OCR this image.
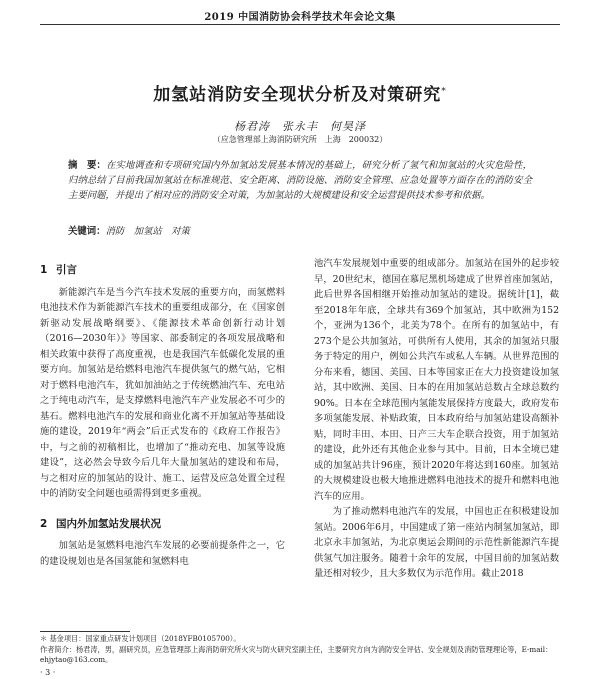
2019 中国消防协会科学技术年会论文集
加氢站消防安全现状分析及对策研究*
杨君涛　张永丰　何昊泽
（应急管理部上海消防研究所　上海　200032）
摘　要：在实地调查和专项研究国内外加氢站发展基本情况的基础上，研究分析了氢气和加氢站的火灾危险性，归纳总结了目前我国加氢站在标准规范、安全距离、消防设施、消防安全管理、应急处置等方面存在的消防安全主要问题，并提出了相对应的消防安全对策，为加氢站的大规模建设和安全运营提供技术参考和依据。
关键词：消防　加氢站　对策
1 引言

新能源汽车是当今汽车技术发展的重要方向，而氢燃料电池技术作为新能源汽车技术的重要组成部分，在《国家创新驱动发展战略纲要》、《能源技术革命创新行动计划（2016—2030年）》等国家、部委制定的各项发展战略和相关政策中获得了高度重视，也是我国汽车低碳化发展的重要方向。加氢站是给燃料电池汽车提供氢气的燃气站，它相对于燃料电池汽车，犹如加油站之于传统燃油汽车、充电站之于纯电动汽车，是支撑燃料电池汽车产业发展必不可少的基石。燃料电池汽车的发展和商业化离不开加氢站等基础设施的建设，2019年“两会”后正式发布的《政府工作报告》中，与之前的初稿相比，也增加了“推动充电、加氢等设施建设”，这必然会导致今后几年大量加氢站的建设和布局，与之相对应的加氢站的设计、施工、运营及应急处置全过程中的消防安全问题也亟需得到更多重视。

2 国内外加氢站发展状况

加氢站是氢燃料电池汽车发展的必要前提条件之一，它的建设规划也是各国氢能和氢燃料电

池汽车发展规划中重要的组成部分。加氢站在国外的起步较早，20世纪末，德国在慕尼黑机场建成了世界首座加氢站，此后世界各国相继开始推动加氢站的建设。据统计[1]，截至2018年年底，全球共有369个加氢站，其中欧洲为152个，亚洲为136个，北美为78个。在所有的加氢站中，有273个是公共加氢站，可供所有人使用，其余的加氢站只服务于特定的用户，例如公共汽车或私人车辆。从世界范围的分布来看，德国、美国、日本等国家正在大力投资建设加氢站，其中欧洲、美国、日本的在用加氢站总数占全球总数约90%。日本在全球范围内氢能发展保持方度最大，政府发布多项氢能发展、补贴政策，日本政府给与加氢站建设高额补贴，同时丰田、本田、日产三大车企联合投资，用于加氢站的建设，此外还有其他企业参与其中。目前，日本全境已建成的加氢站共计96座，预计2020年将达到160座。加氢站的大规模建设也极大地推进燃料电池技术的提升和燃料电池汽车的应用。

为了推动燃料电池汽车的发展，中国也正在积极建设加氢站。2006年6月，中国建成了第一座站内制氢加氢站，即北京永丰加氢站，为北京奥运会期间的示范性新能源汽车提供氢气加注服务。随着十余年的发展，中国目前的加氢站数量还相对较少，且大多数仅为示范作用。截止2018

＊ 基金项目：国家重点研发计划项目（2018YFB0105700）。
作者简介：杨君涛，男，副研究员，应急管理部上海消防研究所火灾与防火研究室副主任，主要研究方向为消防安全评估、安全规划及消防管理理论等，E-mail：ehjytao@163.com。
· 3 ·
